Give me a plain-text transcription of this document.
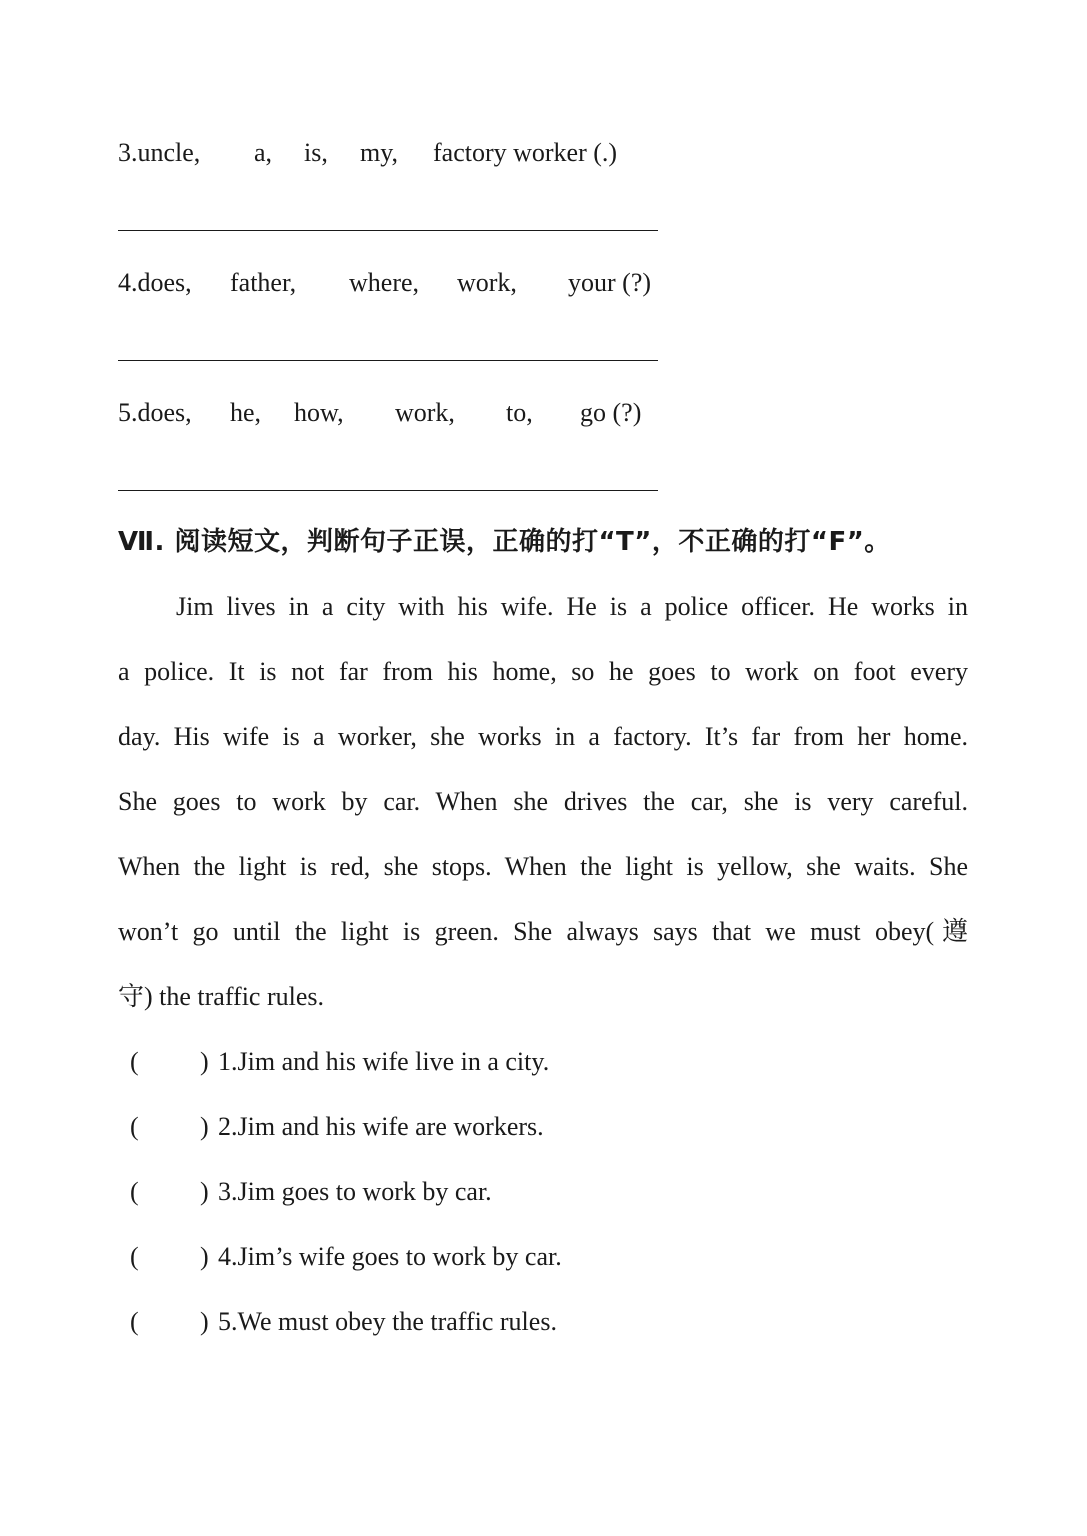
3.uncle, a, is, my, factory worker (.)
4.does, father, where, work, your (?)
5.does, he, how, work, to, go (?)
Ⅶ. 阅读短文，判断句子正误，正确的打“T”，不正确的打“F”。
Jim lives in a city with his wife. He is a police officer. He works in
a police. It is not far from his home, so he goes to work on foot every
day. His wife is a worker, she works in a factory. It’s far from her home.
She goes to work by car. When she drives the car, she is very careful.
When the light is red, she stops. When the light is yellow, she waits. She
won’t go until the light is green. She always says that we must obey(遵
守) the traffic rules.
( ) 1.Jim and his wife live in a city.
( ) 2.Jim and his wife are workers.
( ) 3.Jim goes to work by car.
( ) 4.Jim’s wife goes to work by car.
( ) 5.We must obey the traffic rules.
